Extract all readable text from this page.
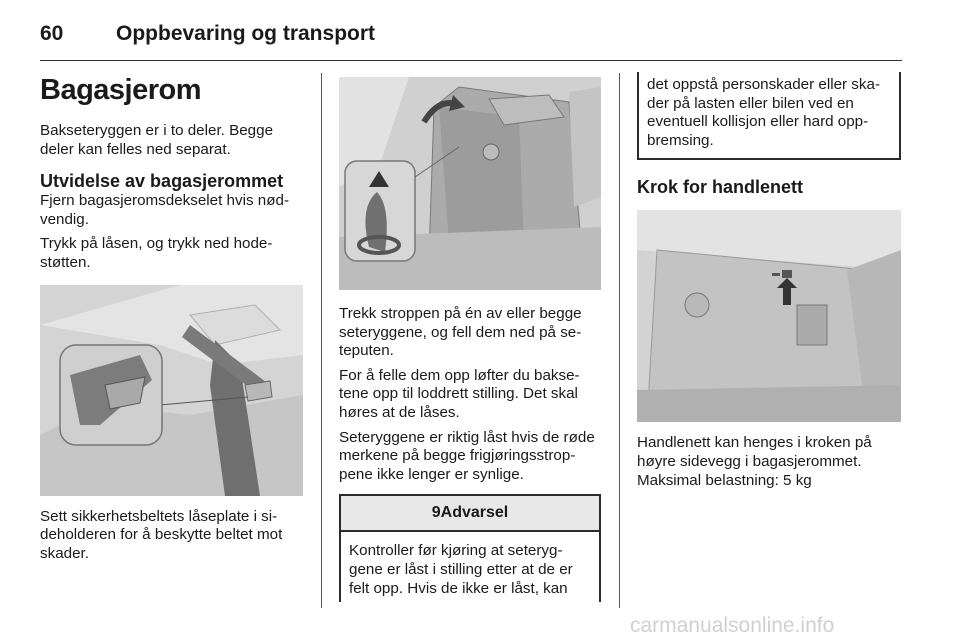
60	Oppbevaring og transport
Bagasjerom

Bakseteryggen er i to deler. Begge deler kan felles ned separat.

Utvidelse av bagasjerommet

Fjern bagasjeromsdekselet hvis nødvendig.

Trykk på låsen, og trykk ned hodestøtten.

Sett sikkerhetsbeltets låseplate i sideholderen for å beskytte beltet mot skader.

Trekk stroppen på én av eller begge seteryggene, og fell dem ned på seteputen.

For å felle dem opp løfter du baksetene opp til loddrett stilling. Det skal høres at de låses.

Seteryggene er riktig låst hvis de røde merkene på begge frigjøringsstroppene ikke lenger er synlige.

9 Advarsel

Kontroller før kjøring at seteryggene er låst i stilling etter at de er felt opp. Hvis de ikke er låst, kan

det oppstå personskader eller skader på lasten eller bilen ved en eventuell kollisjon eller hard oppbremsing.

Krok for handlenett

Handlenett kan henges i kroken på høyre sidevegg i bagasjerommet. Maksimal belastning: 5 kg

carmanualsonline.info
